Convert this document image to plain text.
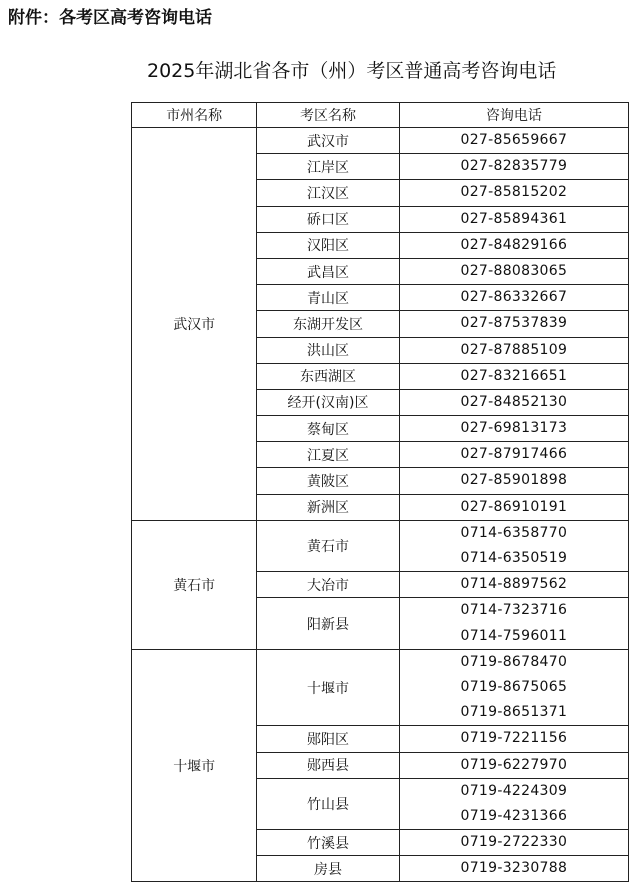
附件：各考区高考咨询电话
2025年湖北省各市（州）考区普通高考咨询电话
市州名称	考区名称	咨询电话
武汉市	武汉市	027-85659667

	江岸区	027-82835779

	江汉区	027-85815202

	硚口区	027-85894361

	汉阳区	027-84829166

	武昌区	027-88083065

	青山区	027-86332667

	东湖开发区	027-87537839

	洪山区	027-87885109

	东西湖区	027-83216651

	经开(汉南)区	027-84852130

	蔡甸区	027-69813173

	江夏区	027-87917466

	黄陂区	027-85901898

	新洲区	027-86910191

黄石市	黄石市	0714-6358770
0714-6350519

	大冶市	0714-8897562

	阳新县	0714-7323716
0714-7596011

十堰市	十堰市	0719-8678470
0719-8675065
0719-8651371

	郧阳区	0719-7221156

	郧西县	0719-6227970

	竹山县	0719-4224309
0719-4231366

	竹溪县	0719-2722330

	房县	0719-3230788
